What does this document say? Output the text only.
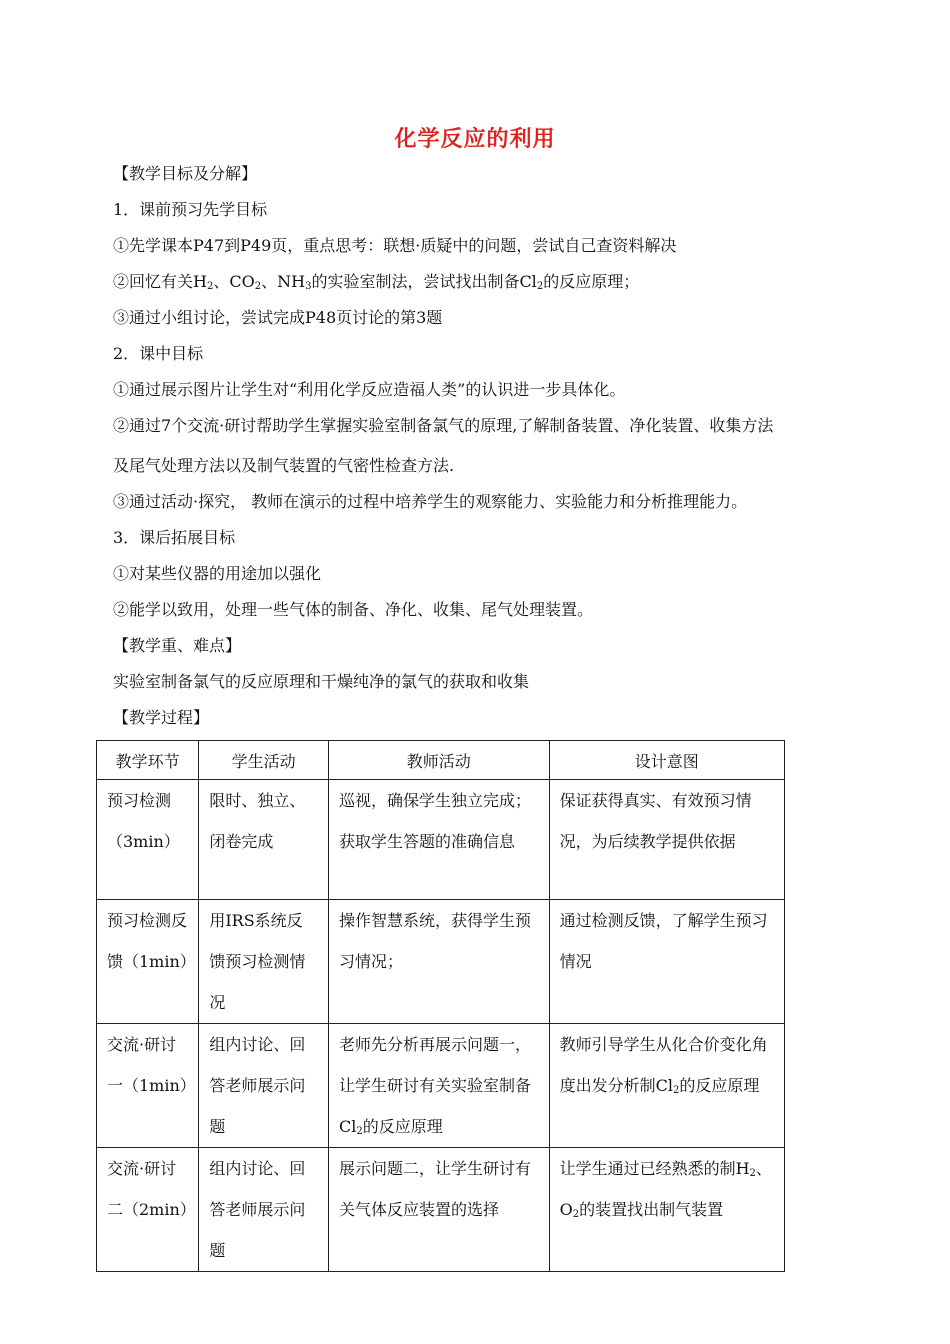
化学反应的利用
【教学目标及分解】
1．课前预习先学目标
①先学课本P47到P49页，重点思考：联想·质疑中的问题，尝试自己查资料解决
②回忆有关$H_2$、$CO_2$、$NH_3$的实验室制法，尝试找出制备$Cl_2$的反应原理；
③通过小组讨论，尝试完成P48页讨论的第3题
2．课中目标
①通过展示图片让学生对“利用化学反应造福人类”的认识进一步具体化。
②通过7个交流·研讨帮助学生掌握实验室制备氯气的原理,了解制备装置、净化装置、收集方法
及尾气处理方法以及制气装置的气密性检查方法.
③通过活动·探究， 教师在演示的过程中培养学生的观察能力、实验能力和分析推理能力。
3．课后拓展目标
①对某些仪器的用途加以强化
②能学以致用，处理一些气体的制备、净化、收集、尾气处理装置。
【教学重、难点】
实验室制备氯气的反应原理和干燥纯净的氯气的获取和收集
【教学过程】
教学环节	学生活动	教师活动	设计意图
预习检测（3min）	限时、独立、闭卷完成	巡视，确保学生独立完成；获取学生答题的准确信息	保证获得真实、有效预习情况，为后续教学提供依据
预习检测反馈（1min）	用IRS系统反馈预习检测情况	操作智慧系统，获得学生预习情况；	通过检测反馈，了解学生预习情况
交流·研讨一（1min）	组内讨论、回答老师展示问题	老师先分析再展示问题一，让学生研讨有关实验室制备$Cl_2$的反应原理	教师引导学生从化合价变化角度出发分析制$Cl_2$的反应原理
交流·研讨二（2min）	组内讨论、回答老师展示问题	展示问题二，让学生研讨有关气体反应装置的选择	让学生通过已经熟悉的制$H_2$、$O_2$的装置找出制气装置
